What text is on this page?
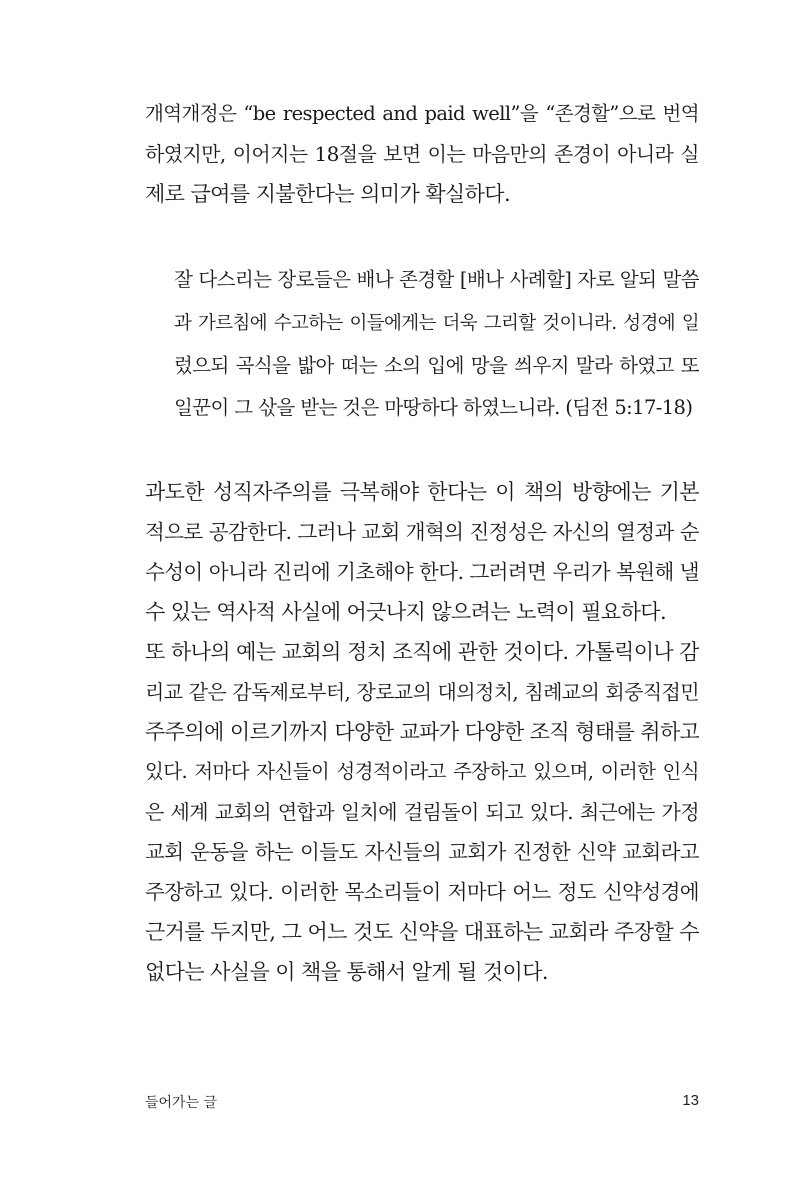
개역개정은 “be respected and paid well”을 “존경할”으로 번역
하였지만, 이어지는 18절을 보면 이는 마음만의 존경이 아니라 실
제로 급여를 지불한다는 의미가 확실하다.
잘 다스리는 장로들은 배나 존경할 [배나 사례할] 자로 알되 말씀
과 가르침에 수고하는 이들에게는 더욱 그리할 것이니라. 성경에 일
렀으되 곡식을 밟아 떠는 소의 입에 망을 씌우지 말라 하였고 또
일꾼이 그 삯을 받는 것은 마땅하다 하였느니라. (딤전 5:17-18)
과도한 성직자주의를 극복해야 한다는 이 책의 방향에는 기본
적으로 공감한다. 그러나 교회 개혁의 진정성은 자신의 열정과 순
수성이 아니라 진리에 기초해야 한다. 그러려면 우리가 복원해 낼
수 있는 역사적 사실에 어긋나지 않으려는 노력이 필요하다.
또 하나의 예는 교회의 정치 조직에 관한 것이다. 가톨릭이나 감
리교 같은 감독제로부터, 장로교의 대의정치, 침례교의 회중직접민
주주의에 이르기까지 다양한 교파가 다양한 조직 형태를 취하고
있다. 저마다 자신들이 성경적이라고 주장하고 있으며, 이러한 인식
은 세계 교회의 연합과 일치에 걸림돌이 되고 있다. 최근에는 가정
교회 운동을 하는 이들도 자신들의 교회가 진정한 신약 교회라고
주장하고 있다. 이러한 목소리들이 저마다 어느 정도 신약성경에
근거를 두지만, 그 어느 것도 신약을 대표하는 교회라 주장할 수
없다는 사실을 이 책을 통해서 알게 될 것이다.
들어가는 글	13
